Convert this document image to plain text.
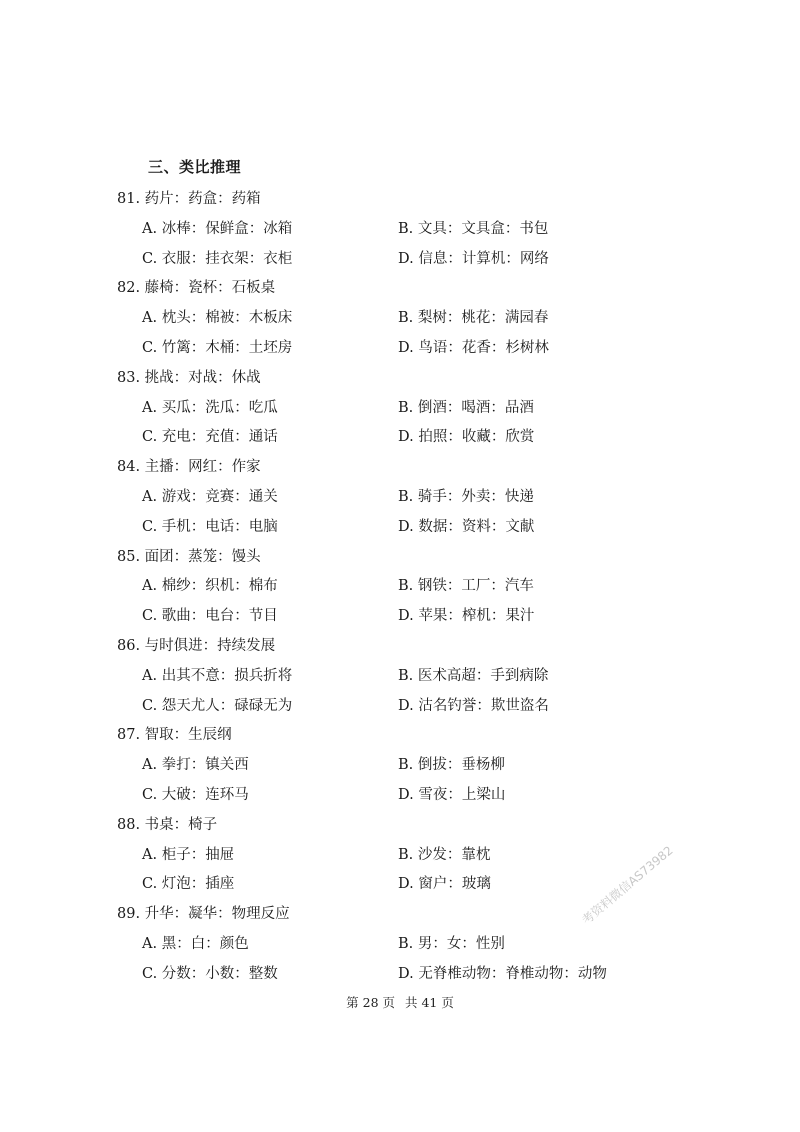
三、类比推理
81. 药片：药盒：药箱
A. 冰棒：保鲜盒：冰箱	B. 文具：文具盒：书包
C. 衣服：挂衣架：衣柜	D. 信息：计算机：网络
82. 藤椅：瓷杯：石板桌
A. 枕头：棉被：木板床	B. 梨树：桃花：满园春
C. 竹篱：木桶：土坯房	D. 鸟语：花香：杉树林
83. 挑战：对战：休战
A. 买瓜：洗瓜：吃瓜	B. 倒酒：喝酒：品酒
C. 充电：充值：通话	D. 拍照：收藏：欣赏
84. 主播：网红：作家
A. 游戏：竞赛：通关	B. 骑手：外卖：快递
C. 手机：电话：电脑	D. 数据：资料：文献
85. 面团：蒸笼：馒头
A. 棉纱：织机：棉布	B. 钢铁：工厂：汽车
C. 歌曲：电台：节目	D. 苹果：榨机：果汁
86. 与时俱进：持续发展
A. 出其不意：损兵折将	B. 医术高超：手到病除
C. 怨天尤人：碌碌无为	D. 沽名钓誉：欺世盗名
87. 智取：生辰纲
A. 拳打：镇关西	B. 倒拔：垂杨柳
C. 大破：连环马	D. 雪夜：上梁山
88. 书桌：椅子
A. 柜子：抽屉	B. 沙发：靠枕
C. 灯泡：插座	D. 窗户：玻璃
89. 升华：凝华：物理反应
A. 黑：白：颜色	B. 男：女：性别
C. 分数：小数：整数	D. 无脊椎动物：脊椎动物：动物
考资料微信AS73982
第 28 页 共 41 页
